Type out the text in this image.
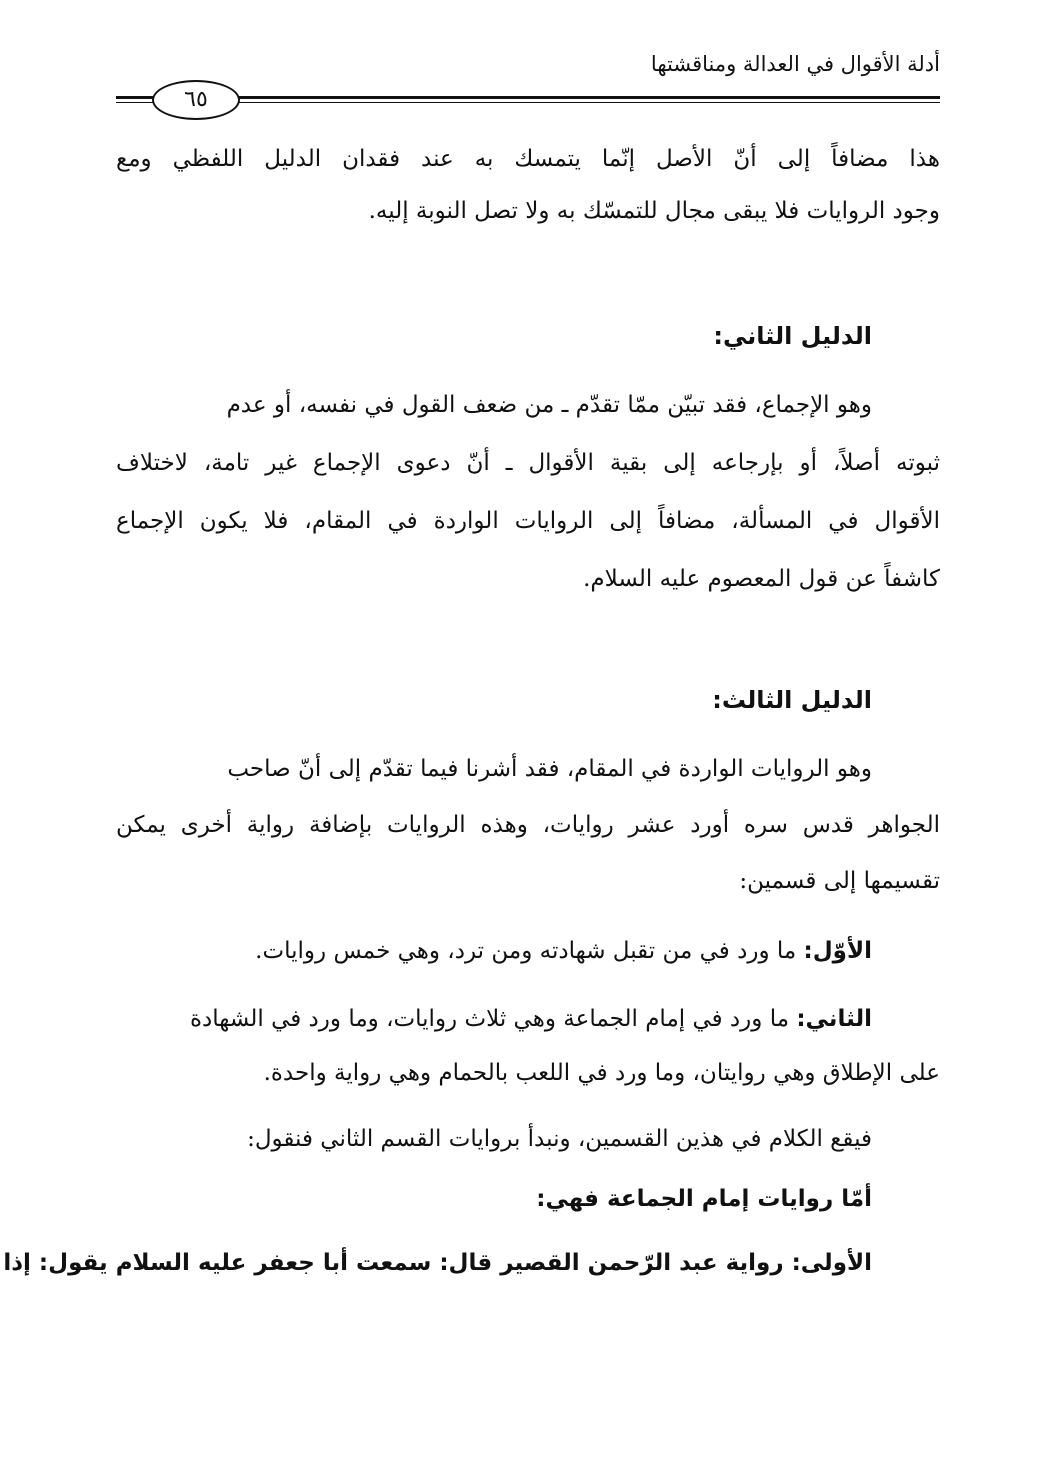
أدلة الأقوال في العدالة ومناقشتها
٦٥
هذا مضافاً إلى أنّ الأصل إنّما يتمسك به عند فقدان الدليل اللفظي ومع
وجود الروايات فلا يبقى مجال للتمسّك به ولا تصل النوبة إليه.
الدليل الثاني:
وهو الإجماع، فقد تبيّن ممّا تقدّم ـ من ضعف القول في نفسه، أو عدم
ثبوته أصلاً، أو بإرجاعه إلى بقية الأقوال ـ أنّ دعوى الإجماع غير تامة، لاختلاف
الأقوال في المسألة، مضافاً إلى الروايات الواردة في المقام، فلا يكون الإجماع
كاشفاً عن قول المعصوم عليه السلام.
الدليل الثالث:
وهو الروايات الواردة في المقام، فقد أشرنا فيما تقدّم إلى أنّ صاحب
الجواهر قدس سره أورد عشر روايات، وهذه الروايات بإضافة رواية أخرى يمكن
تقسيمها إلى قسمين:
الأوّل: ما ورد في من تقبل شهادته ومن ترد، وهي خمس روايات.
الثاني: ما ورد في إمام الجماعة وهي ثلاث روايات، وما ورد في الشهادة
على الإطلاق وهي روايتان، وما ورد في اللعب بالحمام وهي رواية واحدة.
فيقع الكلام في هذين القسمين، ونبدأ بروايات القسم الثاني فنقول:
أمّا روايات إمام الجماعة فهي:
الأولى: رواية عبد الرّحمن القصير قال: سمعت أبا جعفر عليه السلام يقول: إذا
